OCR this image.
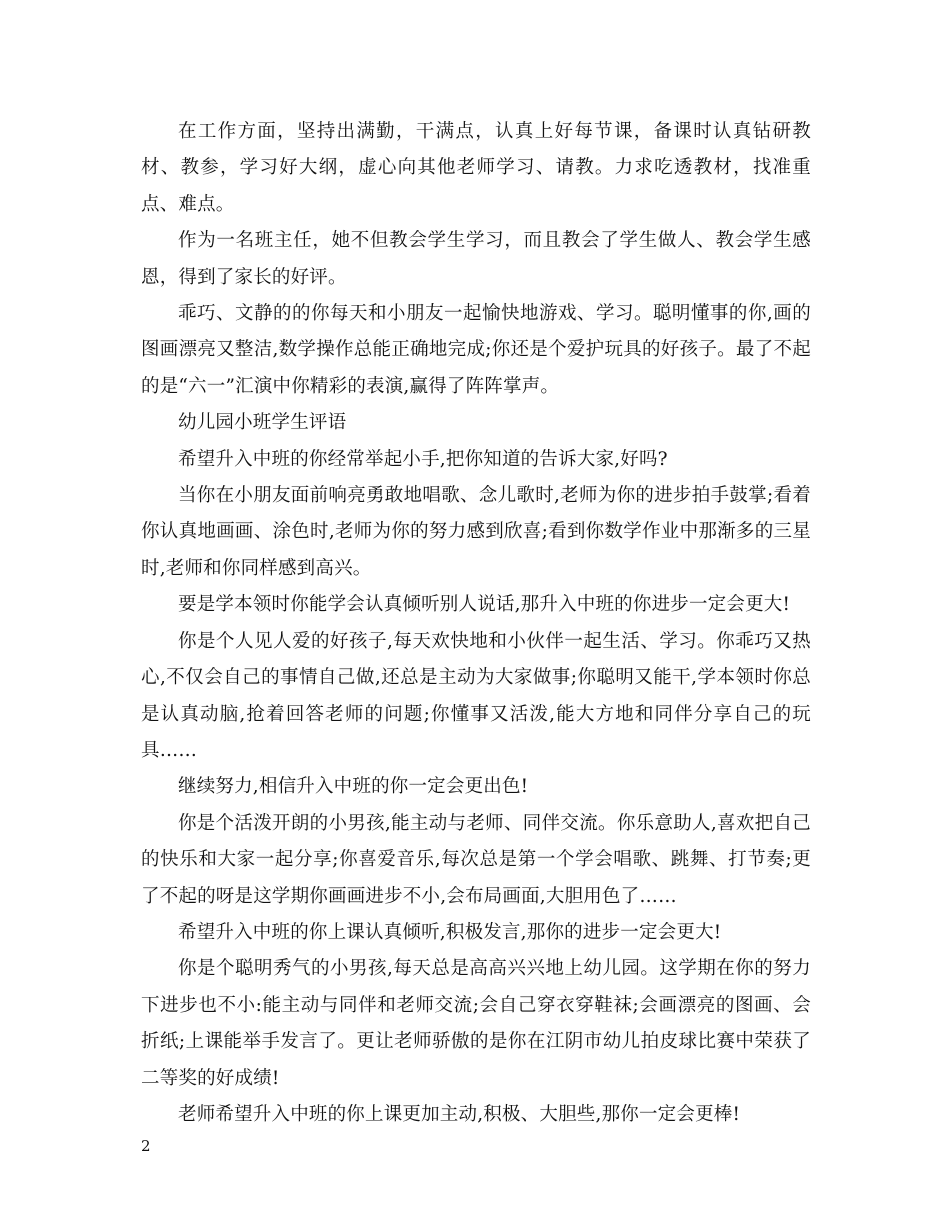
在工作方面，坚持出满勤，干满点，认真上好每节课，备课时认真钻研教材、教参，学习好大纲，虚心向其他老师学习、请教。力求吃透教材，找准重点、难点。

作为一名班主任，她不但教会学生学习，而且教会了学生做人、教会学生感恩，得到了家长的好评。

乖巧、文静的的你每天和小朋友一起愉快地游戏、学习。聪明懂事的你,画的图画漂亮又整洁,数学操作总能正确地完成;你还是个爱护玩具的好孩子。最了不起的是“六一”汇演中你精彩的表演,赢得了阵阵掌声。

幼儿园小班学生评语

希望升入中班的你经常举起小手,把你知道的告诉大家,好吗?

当你在小朋友面前响亮勇敢地唱歌、念儿歌时,老师为你的进步拍手鼓掌;看着你认真地画画、涂色时,老师为你的努力感到欣喜;看到你数学作业中那渐多的三星时,老师和你同样感到高兴。

要是学本领时你能学会认真倾听别人说话,那升入中班的你进步一定会更大!

你是个人见人爱的好孩子,每天欢快地和小伙伴一起生活、学习。你乖巧又热心,不仅会自己的事情自己做,还总是主动为大家做事;你聪明又能干,学本领时你总是认真动脑,抢着回答老师的问题;你懂事又活泼,能大方地和同伴分享自己的玩具……

继续努力,相信升入中班的你一定会更出色!

你是个活泼开朗的小男孩,能主动与老师、同伴交流。你乐意助人,喜欢把自己的快乐和大家一起分享;你喜爱音乐,每次总是第一个学会唱歌、跳舞、打节奏;更了不起的呀是这学期你画画进步不小,会布局画面,大胆用色了……

希望升入中班的你上课认真倾听,积极发言,那你的进步一定会更大!

你是个聪明秀气的小男孩,每天总是高高兴兴地上幼儿园。这学期在你的努力下进步也不小:能主动与同伴和老师交流;会自己穿衣穿鞋袜;会画漂亮的图画、会折纸;上课能举手发言了。更让老师骄傲的是你在江阴市幼儿拍皮球比赛中荣获了二等奖的好成绩!

老师希望升入中班的你上课更加主动,积极、大胆些,那你一定会更棒!

2
